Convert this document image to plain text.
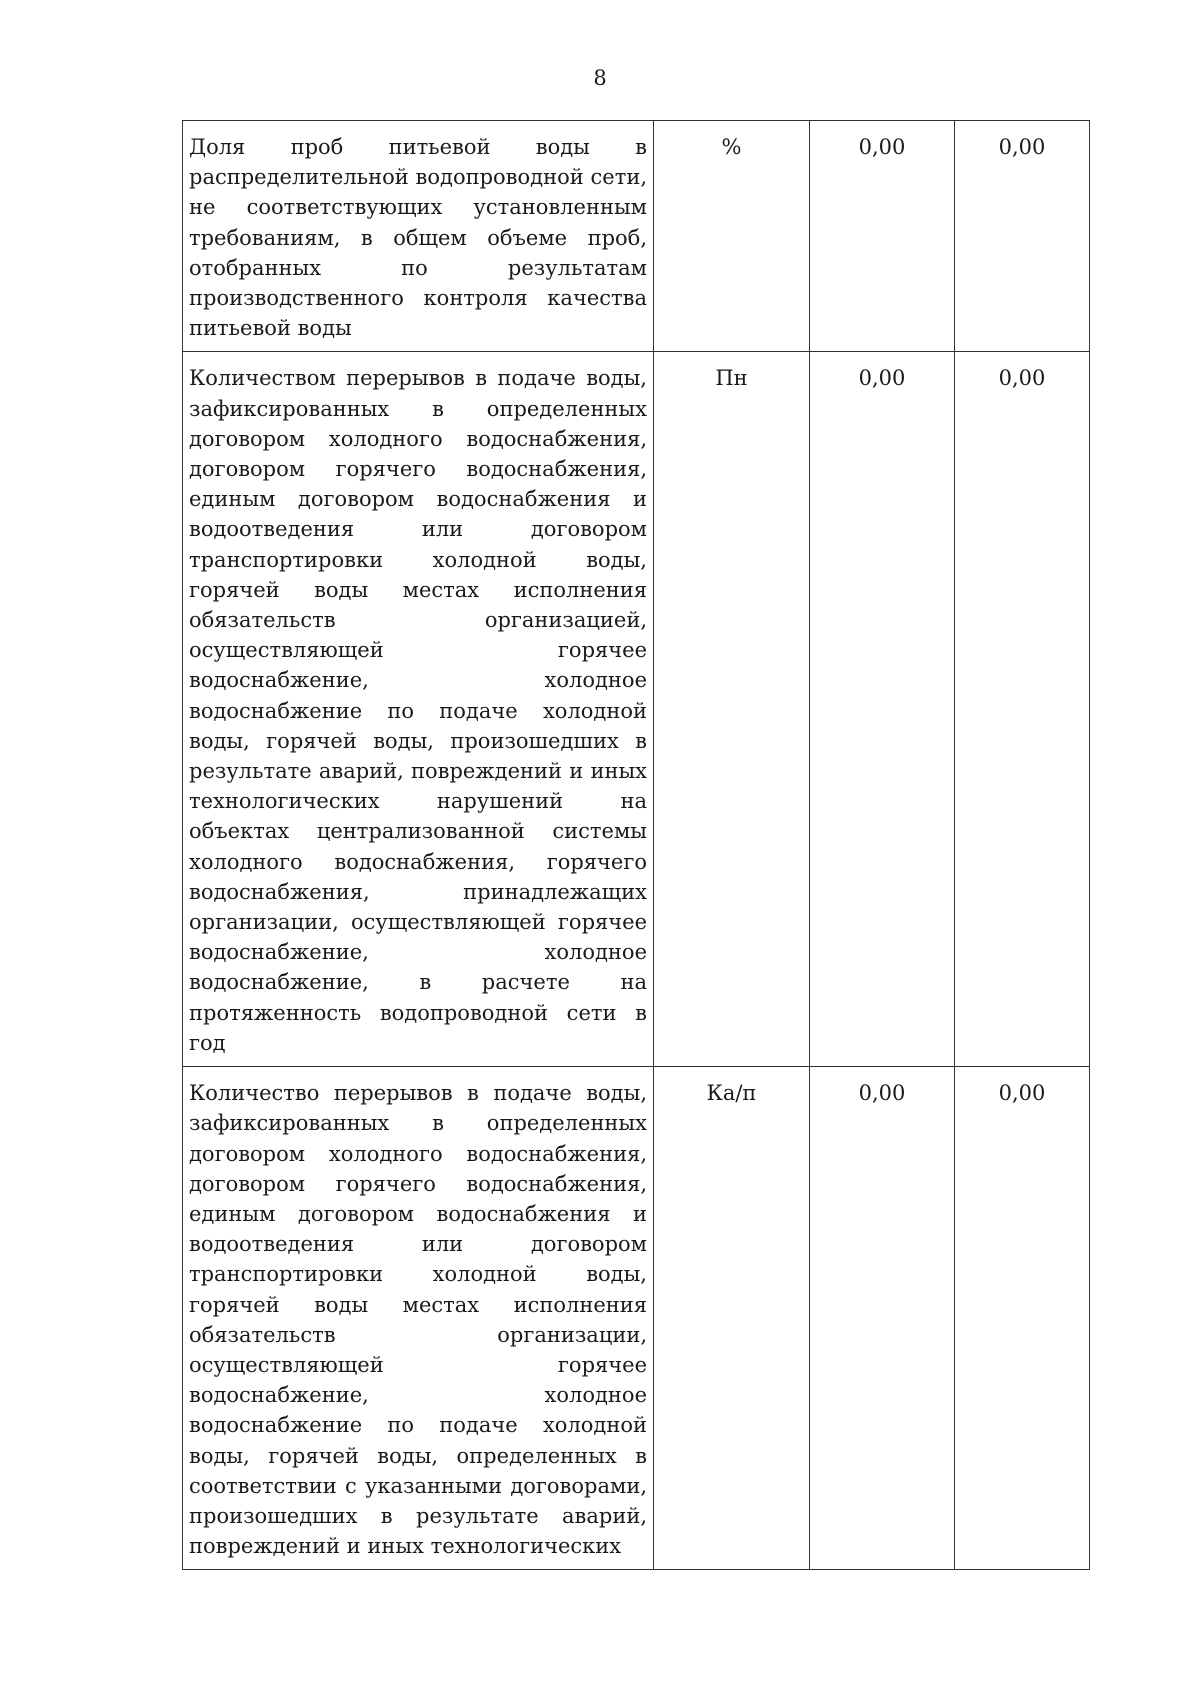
8
Доля проб питьевой воды в распределительной водопроводной сети, не соответствующих установленным требованиям, в общем объеме проб, отобранных по результатам производственного контроля качества питьевой воды	%	0,00	0,00
Количеством перерывов в подаче воды, зафиксированных в определенных договором холодного водоснабжения, договором горячего водоснабжения, единым договором водоснабжения и водоотведения или договором транспортировки холодной воды, горячей воды местах исполнения обязательств организацией, осуществляющей горячее водоснабжение, холодное водоснабжение по подаче холодной воды, горячей воды, произошедших в результате аварий, повреждений и иных технологических нарушений на объектах централизованной системы холодного водоснабжения, горячего водоснабжения, принадлежащих организации, осуществляющей горячее водоснабжение, холодное водоснабжение, в расчете на протяженность водопроводной сети в год	Пн	0,00	0,00
Количество перерывов в подаче воды, зафиксированных в определенных договором холодного водоснабжения, договором горячего водоснабжения, единым договором водоснабжения и водоотведения или договором транспортировки холодной воды, горячей воды местах исполнения обязательств организации, осуществляющей горячее водоснабжение, холодное водоснабжение по подаче холодной воды, горячей воды, определенных в соответствии с указанными договорами, произошедших в результате аварий, повреждений и иных технологических	Ка/п	0,00	0,00
